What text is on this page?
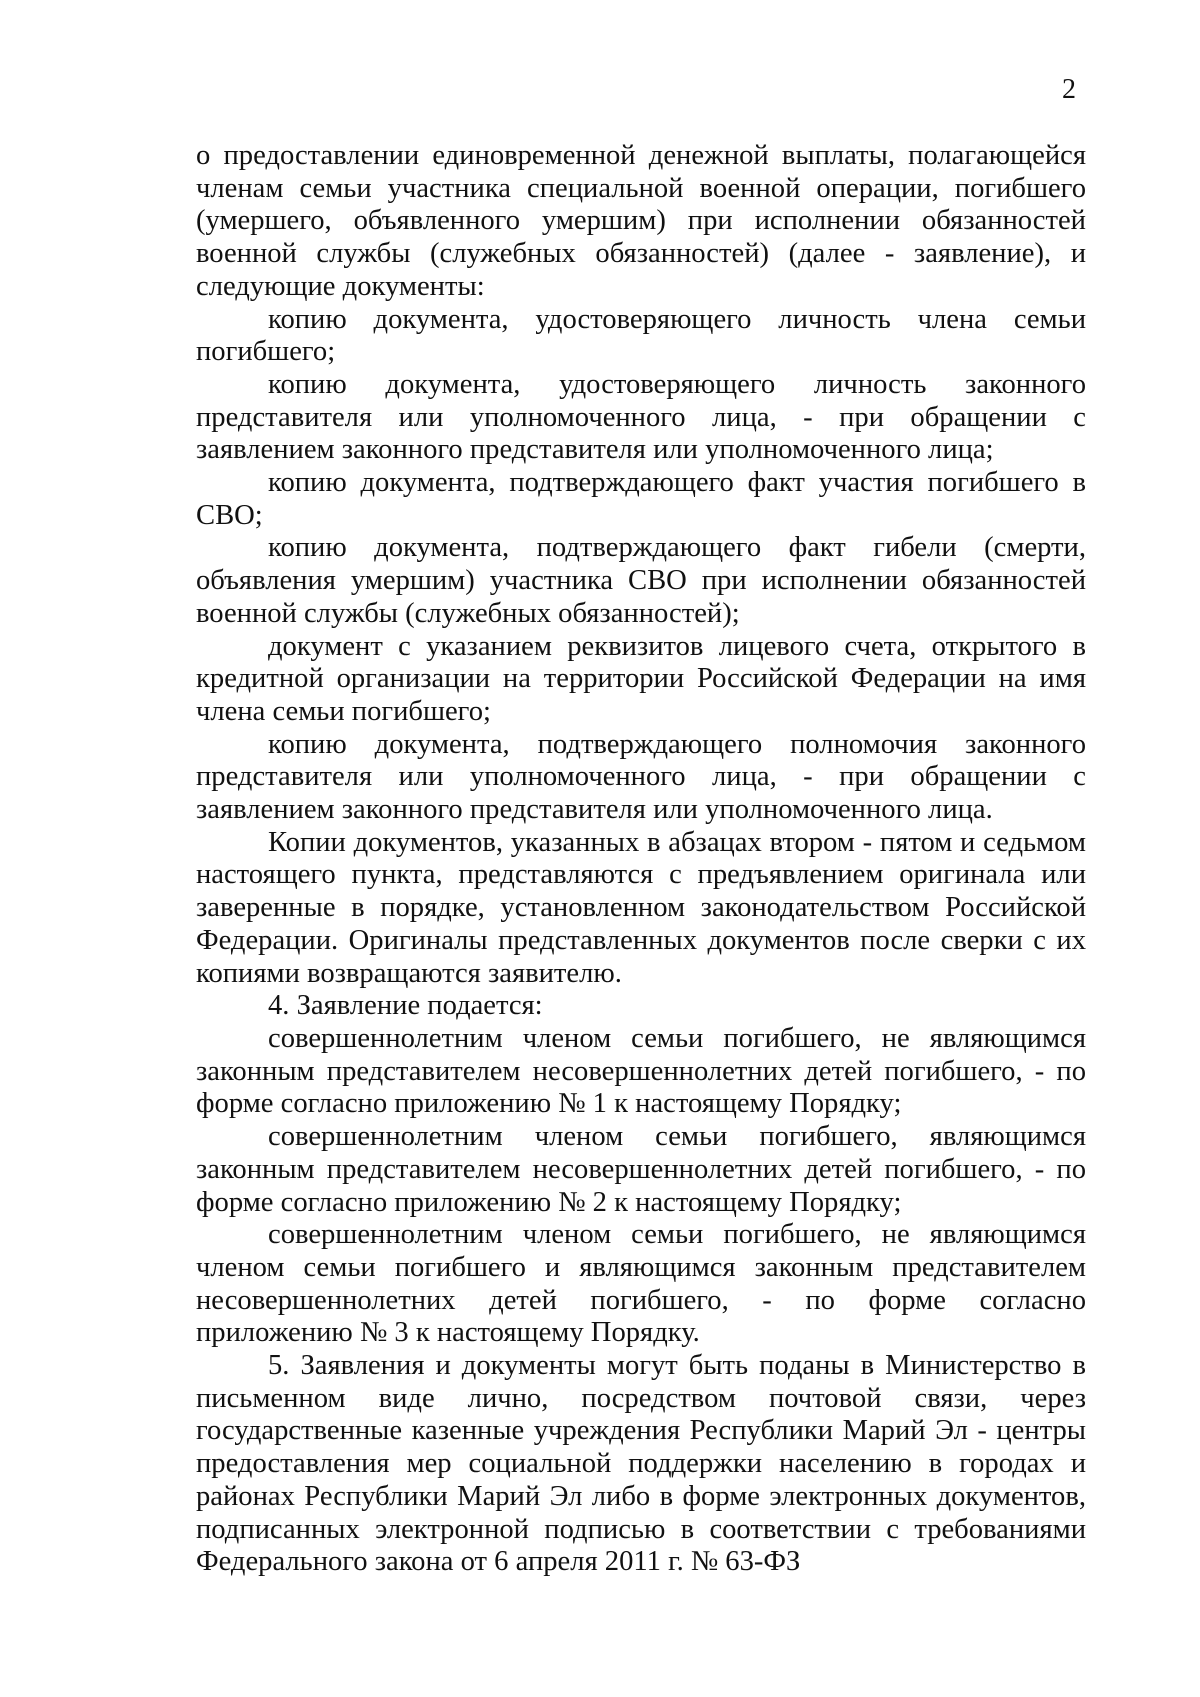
2

о предоставлении единовременной денежной выплаты, полагающейся членам семьи участника специальной военной операции, погибшего (умершего, объявленного умершим) при исполнении обязанностей военной службы (служебных обязанностей) (далее - заявление), и следующие документы:

копию документа, удостоверяющего личность члена семьи погибшего;

копию документа, удостоверяющего личность законного представителя или уполномоченного лица, - при обращении с заявлением законного представителя или уполномоченного лица;

копию документа, подтверждающего факт участия погибшего в СВО;

копию документа, подтверждающего факт гибели (смерти, объявления умершим) участника СВО при исполнении обязанностей военной службы (служебных обязанностей);

документ с указанием реквизитов лицевого счета, открытого в кредитной организации на территории Российской Федерации на имя члена семьи погибшего;

копию документа, подтверждающего полномочия законного представителя или уполномоченного лица, - при обращении с заявлением законного представителя или уполномоченного лица.

Копии документов, указанных в абзацах втором - пятом и седьмом настоящего пункта, представляются с предъявлением оригинала или заверенные в порядке, установленном законодательством Российской Федерации. Оригиналы представленных документов после сверки с их копиями возвращаются заявителю.

4. Заявление подается:

совершеннолетним членом семьи погибшего, не являющимся законным представителем несовершеннолетних детей погибшего, - по форме согласно приложению № 1 к настоящему Порядку;

совершеннолетним членом семьи погибшего, являющимся законным представителем несовершеннолетних детей погибшего, - по форме согласно приложению № 2 к настоящему Порядку;

совершеннолетним членом семьи погибшего, не являющимся членом семьи погибшего и являющимся законным представителем несовершеннолетних детей погибшего, - по форме согласно приложению № 3 к настоящему Порядку.

5. Заявления и документы могут быть поданы в Министерство в письменном виде лично, посредством почтовой связи, через государственные казенные учреждения Республики Марий Эл - центры предоставления мер социальной поддержки населению в городах и районах Республики Марий Эл либо в форме электронных документов, подписанных электронной подписью в соответствии с требованиями Федерального закона от 6 апреля 2011 г. № 63-ФЗ
